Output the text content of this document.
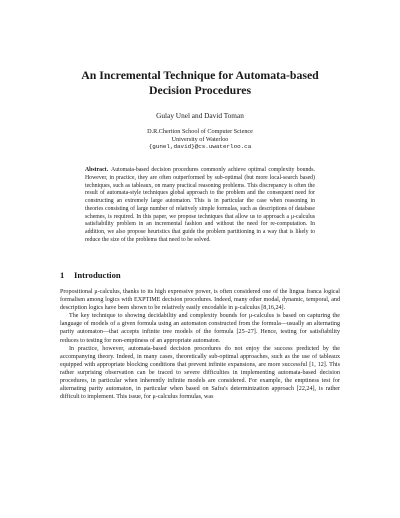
An Incremental Technique for Automata-based Decision Procedures
Gulay Unel and David Toman
D.R.Cheriton School of Computer Science
University of Waterloo
{gunel,david}@cs.uwaterloo.ca
Abstract. Automata-based decision procedures commonly achieve optimal complexity bounds. However, in practice, they are often outperformed by sub-optimal (but more local-search based) techniques, such as tableaux, on many practical reasoning problems. This discrepancy is often the result of automata-style techniques global approach to the problem and the consequent need for constructing an extremely large automaton. This is in particular the case when reasoning in theories consisting of large number of relatively simple formulas, such as descriptions of database schemes, is required. In this paper, we propose techniques that allow us to approach a μ-calculus satisfiability problem in an incremental fashion and without the need for re-computation. In addition, we also propose heuristics that guide the problem partitioning in a way that is likely to reduce the size of the problems that need to be solved.
1 Introduction

Propositional μ-calculus, thanks to its high expressive power, is often considered one of the lingua franca logical formalism among logics with EXPTIME decision procedures. Indeed, many other modal, dynamic, temporal, and description logics have been shown to be relatively easily encodable in μ-calculus [8,16,24].

The key technique to showing decidability and complexity bounds for μ-calculus is based on capturing the language of models of a given formula using an automaton constructed from the formula—usually an alternating parity automaton—that accepts infinite tree models of the formula [25–27]. Hence, testing for satisfiability reduces to testing for non-emptiness of an appropriate automaton.

In practice, however, automata-based decision procedures do not enjoy the success predicted by the accompanying theory. Indeed, in many cases, theoretically sub-optimal approaches, such as the use of tableaux equipped with appropriate blocking conditions that prevent infinite expansions, are more successful [1, 12]. This rather surprising observation can be traced to severe difficulties in implementing automata-based decision procedures, in particular when inherently infinite models are considered. For example, the emptiness test for alternating parity automaton, in particular when based on Safra's determinization approach [22,24], is rather difficult to implement. This issue, for μ-calculus formulas, was
